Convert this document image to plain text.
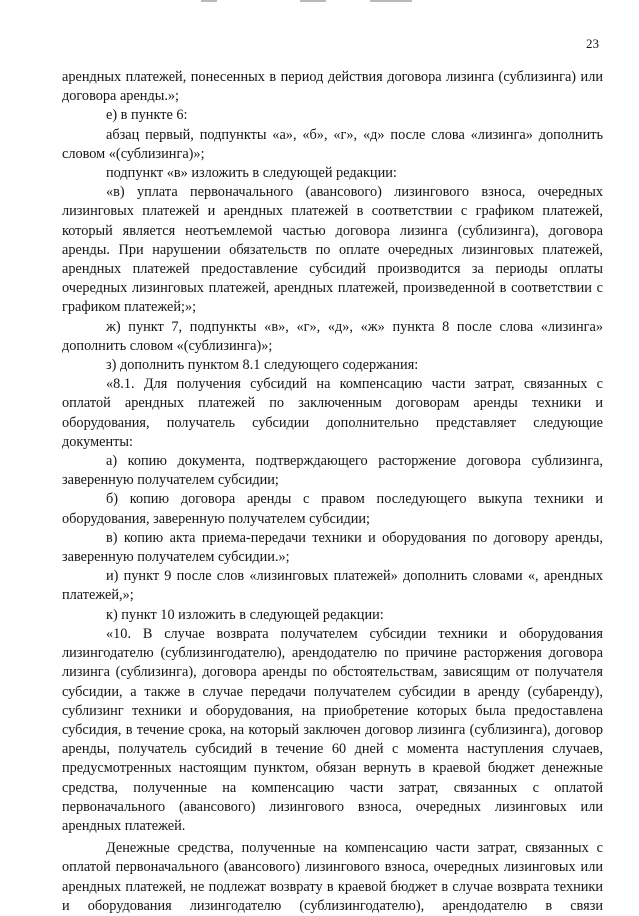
23

арендных платежей, понесенных в период действия договора лизинга (сублизинга) или договора аренды.»;

е) в пункте 6:

абзац первый, подпункты «а», «б», «г», «д» после слова «лизинга» дополнить словом «(сублизинга)»;

подпункт «в» изложить в следующей редакции:

«в) уплата первоначального (авансового) лизингового взноса, очередных лизинговых платежей и арендных платежей в соответствии с графиком платежей, который является неотъемлемой частью договора лизинга (сублизинга), договора аренды. При нарушении обязательств по оплате очередных лизинговых платежей, арендных платежей предоставление субсидий производится за периоды оплаты очередных лизинговых платежей, арендных платежей, произведенной в соответствии с графиком платежей;»;

ж) пункт 7, подпункты «в», «г», «д», «ж» пункта 8 после слова «лизинга» дополнить словом «(сублизинга)»;

з) дополнить пунктом 8.1 следующего содержания:

«8.1. Для получения субсидий на компенсацию части затрат, связанных с оплатой арендных платежей по заключенным договорам аренды техники и оборудования, получатель субсидии дополнительно представляет следующие документы:

а) копию документа, подтверждающего расторжение договора сублизинга, заверенную получателем субсидии;

б) копию договора аренды с правом последующего выкупа техники и оборудования, заверенную получателем субсидии;

в) копию акта приема-передачи техники и оборудования по договору аренды, заверенную получателем субсидии.»;

и) пункт 9 после слов «лизинговых платежей» дополнить словами «, арендных платежей,»;

к) пункт 10 изложить в следующей редакции:

«10. В случае возврата получателем субсидии техники и оборудования лизингодателю (сублизингодателю), арендодателю по причине расторжения договора лизинга (сублизинга), договора аренды по обстоятельствам, зависящим от получателя субсидии, а также в случае передачи получателем субсидии в аренду (субаренду), сублизинг техники и оборудования, на приобретение которых была предоставлена субсидия, в течение срока, на который заключен договор лизинга (сублизинга), договор аренды, получатель субсидий в течение 60 дней с момента наступления случаев, предусмотренных настоящим пунктом, обязан вернуть в краевой бюджет денежные средства, полученные на компенсацию части затрат, связанных с оплатой первоначального (авансового) лизингового взноса, очередных лизинговых или арендных платежей.

Денежные средства, полученные на компенсацию части затрат, связанных с оплатой первоначального (авансового) лизингового взноса, очередных лизинговых или арендных платежей, не подлежат возврату в краевой бюджет в случае возврата техники и оборудования лизингодателю (сублизингодателю), арендодателю в связи
